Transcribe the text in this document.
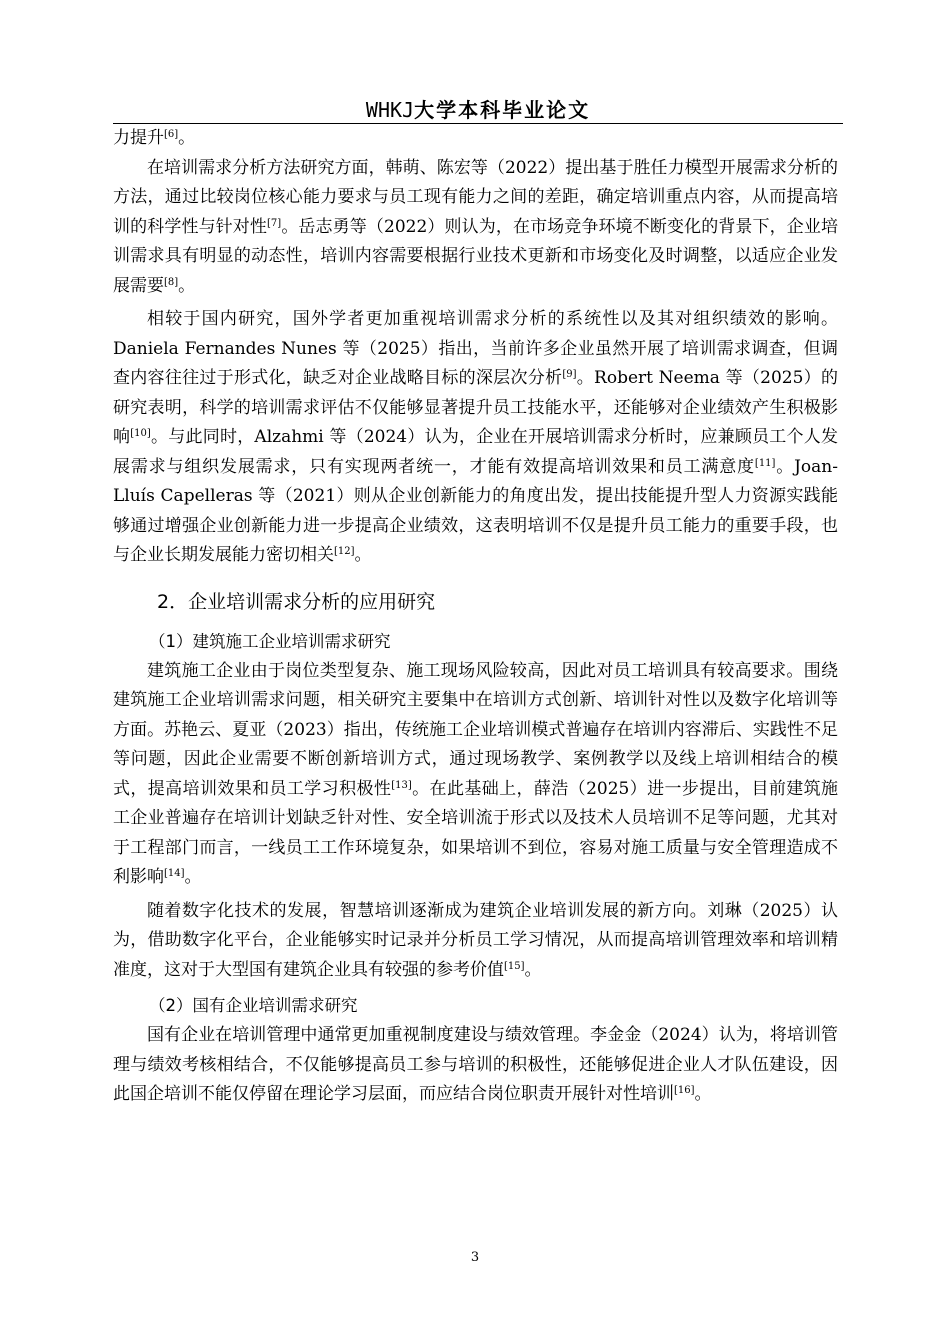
WHKJ大学本科毕业论文

力提升[6]。

在培训需求分析方法研究方面，韩萌、陈宏等（2022）提出基于胜任力模型开展需求分析的方法，通过比较岗位核心能力要求与员工现有能力之间的差距，确定培训重点内容，从而提高培训的科学性与针对性[7]。岳志勇等（2022）则认为，在市场竞争环境不断变化的背景下，企业培训需求具有明显的动态性，培训内容需要根据行业技术更新和市场变化及时调整，以适应企业发展需要[8]。

相较于国内研究，国外学者更加重视培训需求分析的系统性以及其对组织绩效的影响。Daniela Fernandes Nunes 等（2025）指出，当前许多企业虽然开展了培训需求调查，但调查内容往往过于形式化，缺乏对企业战略目标的深层次分析[9]。Robert Neema 等（2025）的研究表明，科学的培训需求评估不仅能够显著提升员工技能水平，还能够对企业绩效产生积极影响[10]。与此同时，Alzahmi 等（2024）认为，企业在开展培训需求分析时，应兼顾员工个人发展需求与组织发展需求，只有实现两者统一，才能有效提高培训效果和员工满意度[11]。Joan-Lluís Capelleras 等（2021）则从企业创新能力的角度出发，提出技能提升型人力资源实践能够通过增强企业创新能力进一步提高企业绩效，这表明培训不仅是提升员工能力的重要手段，也与企业长期发展能力密切相关[12]。

2．企业培训需求分析的应用研究
（1）建筑施工企业培训需求研究

建筑施工企业由于岗位类型复杂、施工现场风险较高，因此对员工培训具有较高要求。围绕建筑施工企业培训需求问题，相关研究主要集中在培训方式创新、培训针对性以及数字化培训等方面。苏艳云、夏亚（2023）指出，传统施工企业培训模式普遍存在培训内容滞后、实践性不足等问题，因此企业需要不断创新培训方式，通过现场教学、案例教学以及线上培训相结合的模式，提高培训效果和员工学习积极性[13]。在此基础上，薛浩（2025）进一步提出，目前建筑施工企业普遍存在培训计划缺乏针对性、安全培训流于形式以及技术人员培训不足等问题，尤其对于工程部门而言，一线员工工作环境复杂，如果培训不到位，容易对施工质量与安全管理造成不利影响[14]。

随着数字化技术的发展，智慧培训逐渐成为建筑企业培训发展的新方向。刘琳（2025）认为，借助数字化平台，企业能够实时记录并分析员工学习情况，从而提高培训管理效率和培训精准度，这对于大型国有建筑企业具有较强的参考价值[15]。

（2）国有企业培训需求研究

国有企业在培训管理中通常更加重视制度建设与绩效管理。李金金（2024）认为，将培训管理与绩效考核相结合，不仅能够提高员工参与培训的积极性，还能够促进企业人才队伍建设，因此国企培训不能仅停留在理论学习层面，而应结合岗位职责开展针对性培训[16]。

3
